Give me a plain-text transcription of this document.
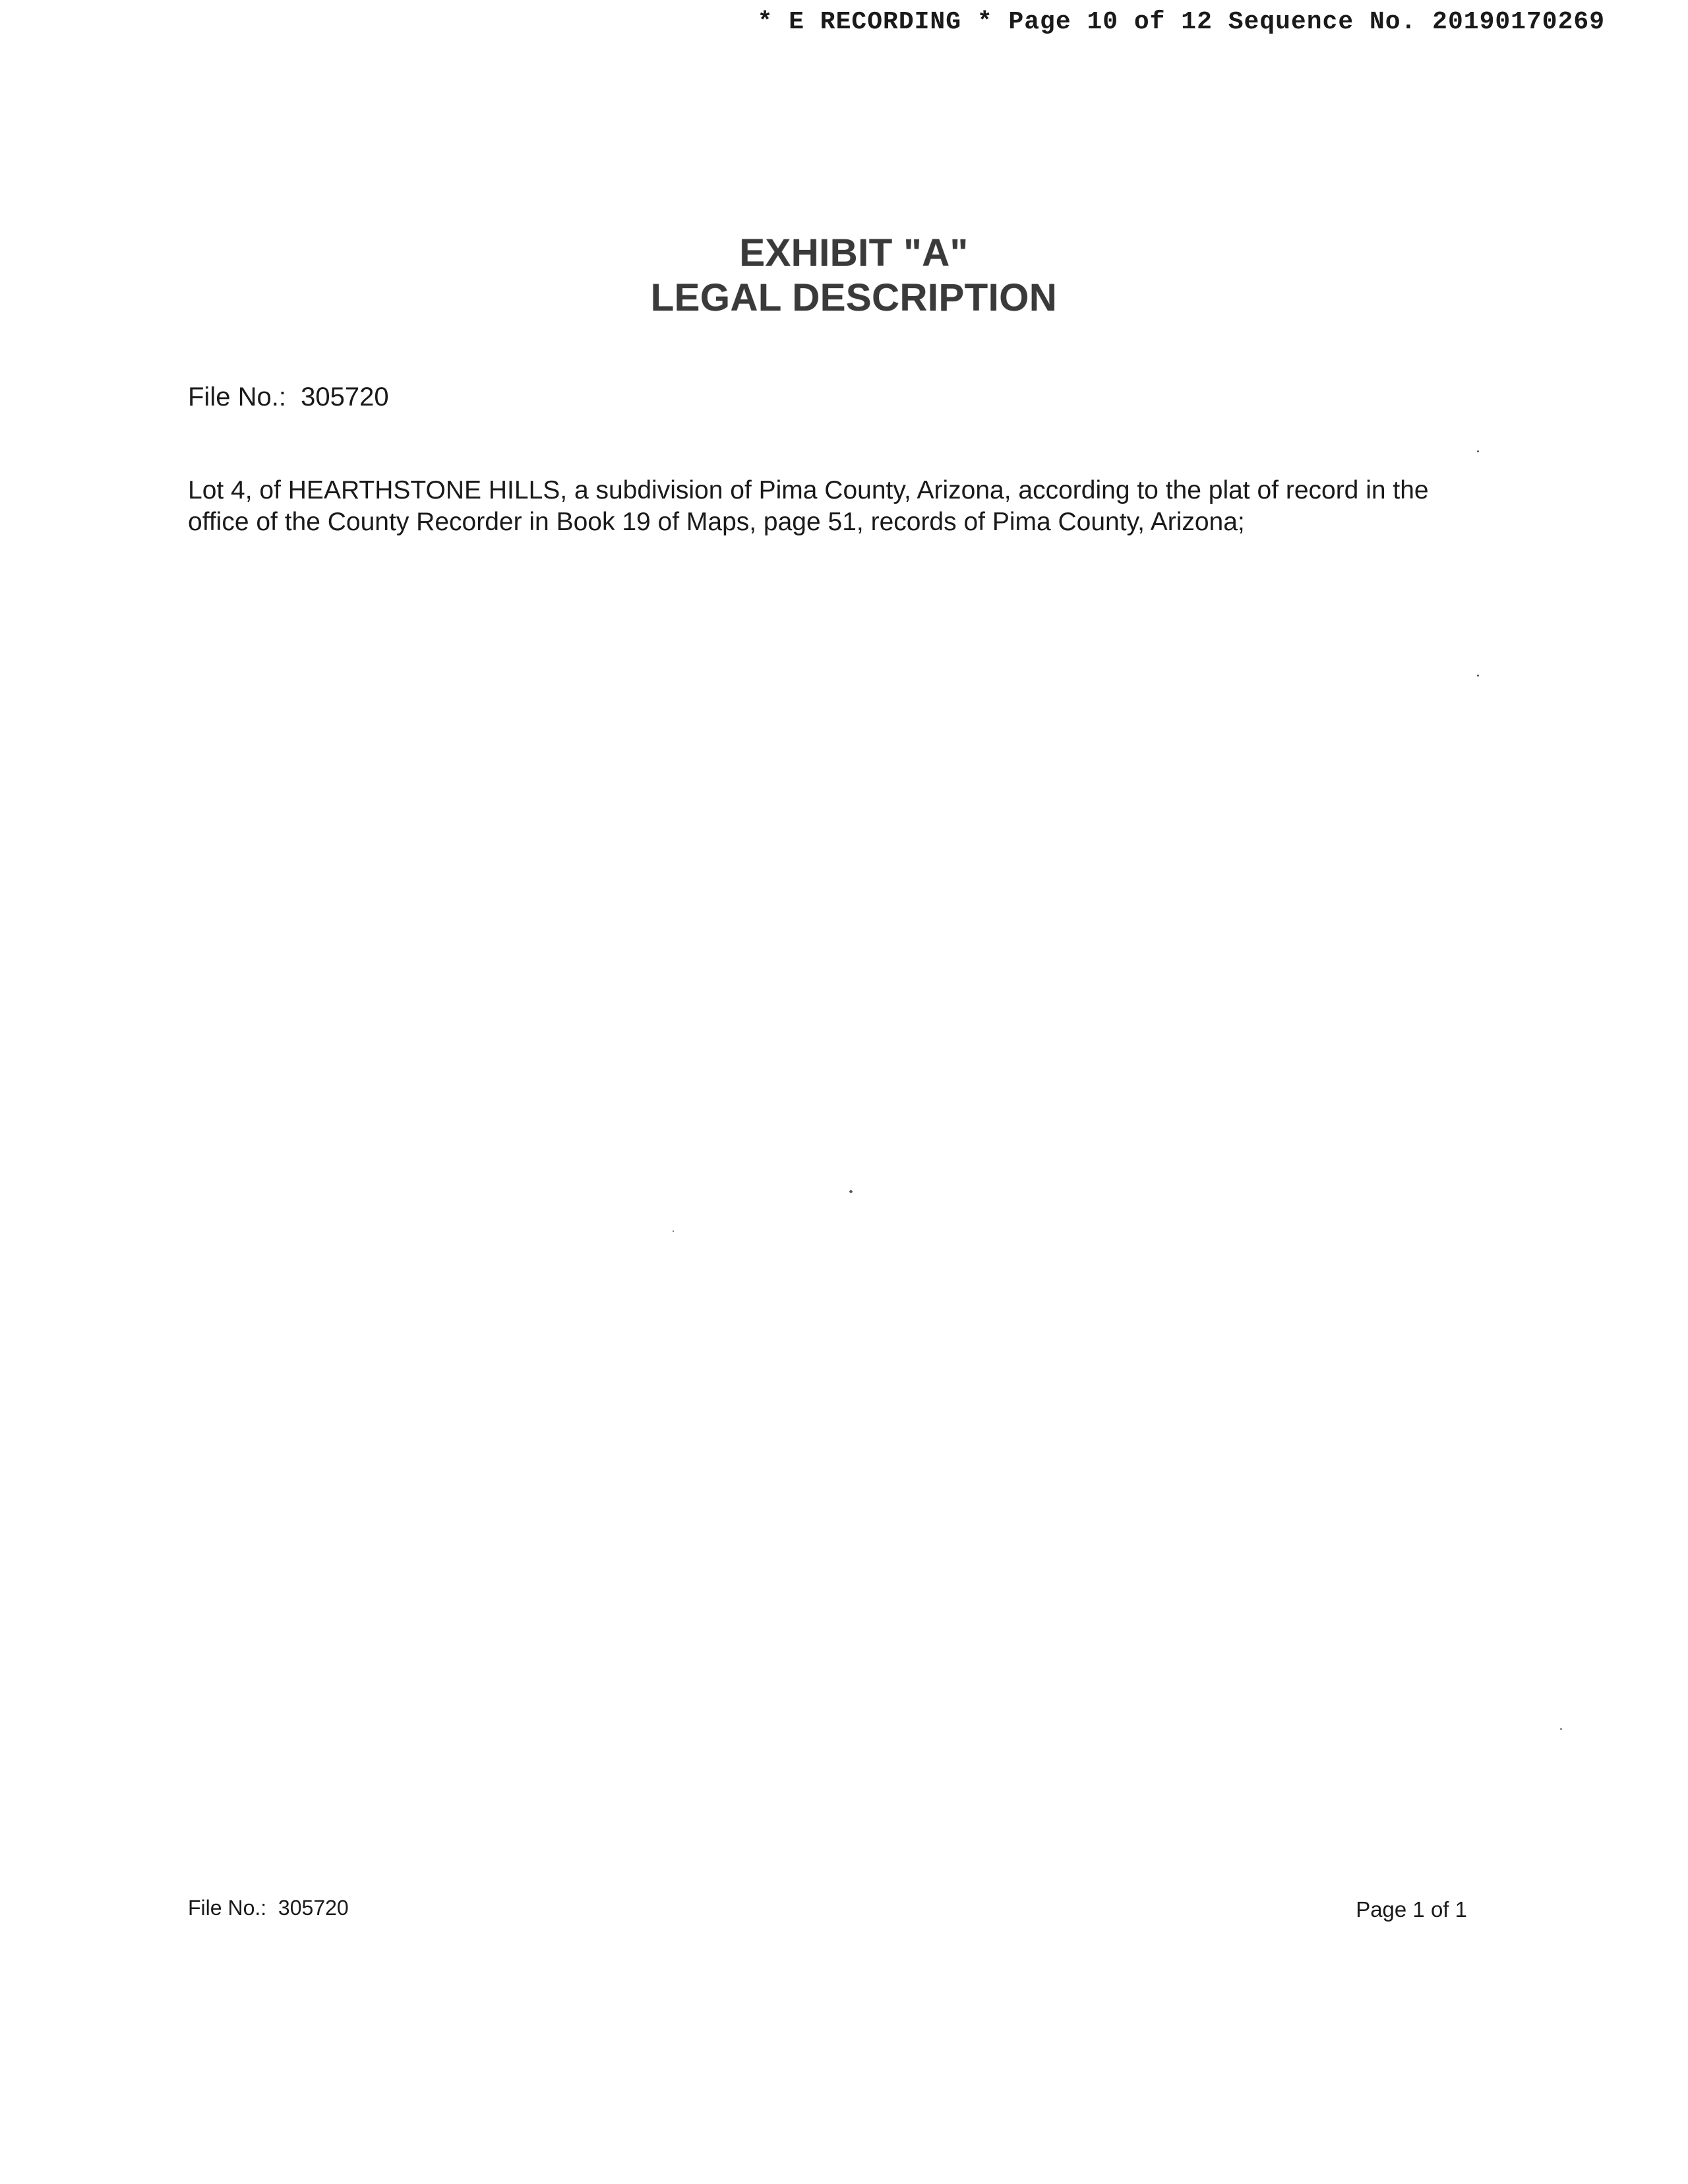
* E RECORDING * Page 10 of 12 Sequence No. 20190170269
EXHIBIT "A"
LEGAL DESCRIPTION
File No.:  305720
Lot 4, of HEARTHSTONE HILLS, a subdivision of Pima County, Arizona, according to the plat of record in the office of the County Recorder in Book 19 of Maps, page 51, records of Pima County, Arizona;
File No.:  305720	Page 1 of 1
